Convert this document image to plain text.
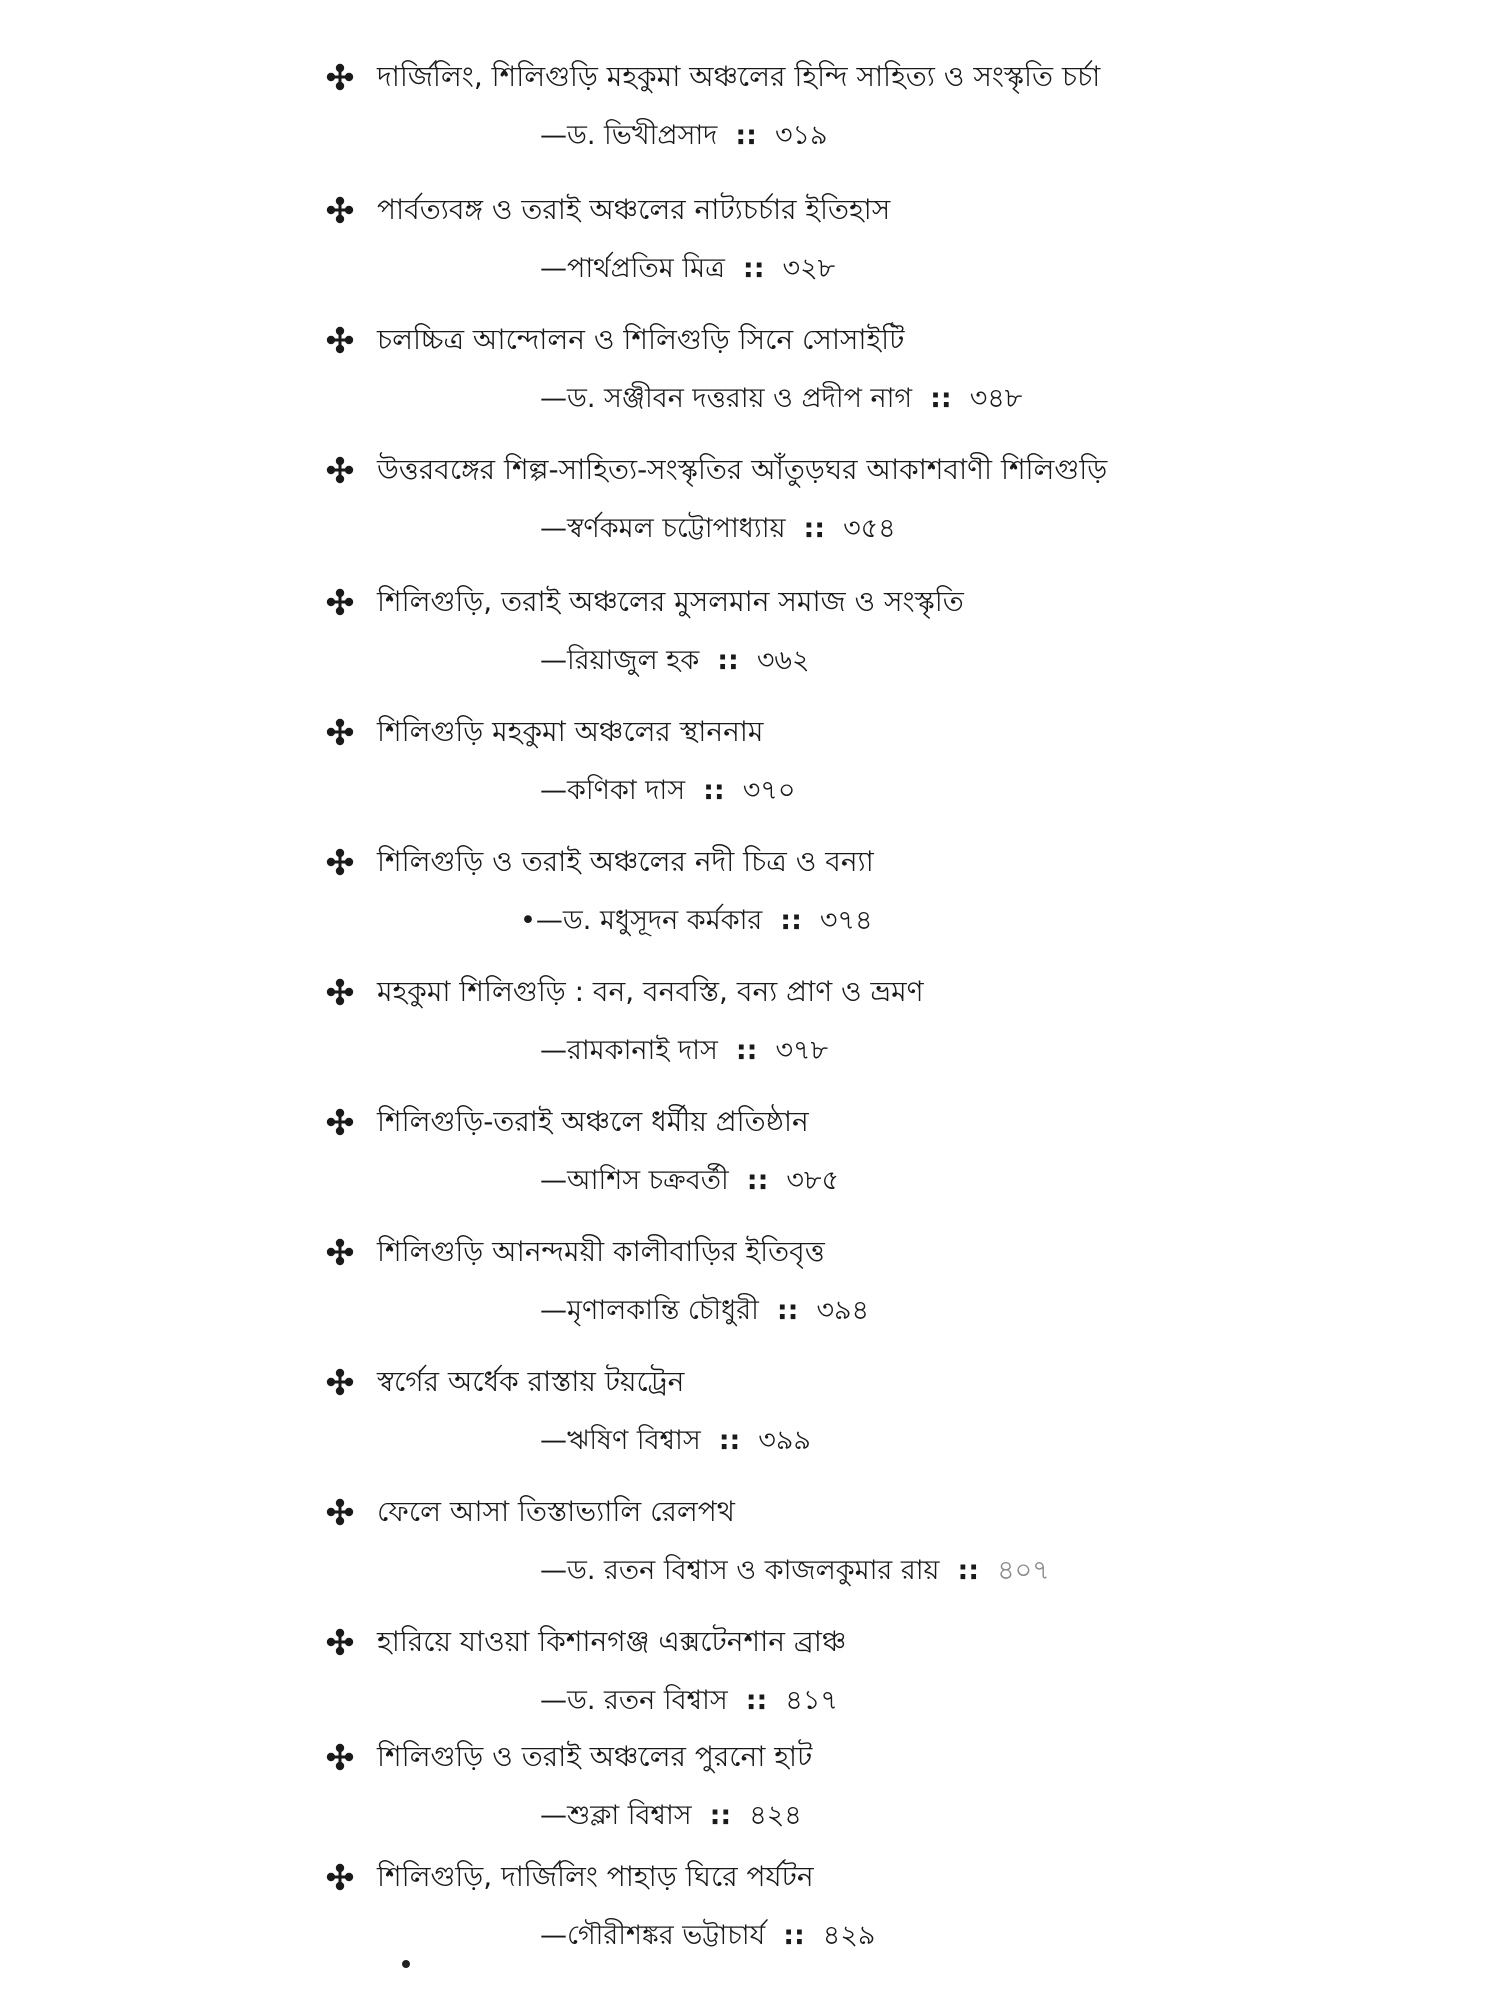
দার্জিলিং, শিলিগুড়ি মহকুমা অঞ্চলের হিন্দি সাহিত্য ও সংস্কৃতি চর্চা
—ড. ভিখীপ্রসাদ :: ৩১৯
পার্বত্যবঙ্গ ও তরাই অঞ্চলের নাট্যচর্চার ইতিহাস
—পার্থপ্রতিম মিত্র :: ৩২৮
চলচ্চিত্র আন্দোলন ও শিলিগুড়ি সিনে সোসাইটি
—ড. সঞ্জীবন দত্তরায় ও প্রদীপ নাগ :: ৩৪৮
উত্তরবঙ্গের শিল্প-সাহিত্য-সংস্কৃতির আঁতুড়ঘর আকাশবাণী শিলিগুড়ি
—স্বর্ণকমল চট্টোপাধ্যায় :: ৩৫৪
শিলিগুড়ি, তরাই অঞ্চলের মুসলমান সমাজ ও সংস্কৃতি
—রিয়াজুল হক :: ৩৬২
শিলিগুড়ি মহকুমা অঞ্চলের স্থাননাম
—কণিকা দাস :: ৩৭০
শিলিগুড়ি ও তরাই অঞ্চলের নদী চিত্র ও বন্যা
•—ড. মধুসূদন কর্মকার :: ৩৭৪
মহকুমা শিলিগুড়ি : বন, বনবস্তি, বন্য প্রাণ ও ভ্রমণ
—রামকানাই দাস :: ৩৭৮
শিলিগুড়ি-তরাই অঞ্চলে ধর্মীয় প্রতিষ্ঠান
—আশিস চক্রবর্তী :: ৩৮৫
শিলিগুড়ি আনন্দময়ী কালীবাড়ির ইতিবৃত্ত
—মৃণালকান্তি চৌধুরী :: ৩৯৪
স্বর্গের অর্ধেক রাস্তায় টয়ট্রেন
—ঋষিণ বিশ্বাস :: ৩৯৯
ফেলে আসা তিস্তাভ্যালি রেলপথ
—ড. রতন বিশ্বাস ও কাজলকুমার রায় :: ৪০৭
হারিয়ে যাওয়া কিশানগঞ্জ এক্সটেনশান ব্রাঞ্চ
—ড. রতন বিশ্বাস :: ৪১৭
শিলিগুড়ি ও তরাই অঞ্চলের পুরনো হাট
—শুক্লা বিশ্বাস :: ৪২৪
শিলিগুড়ি, দার্জিলিং পাহাড় ঘিরে পর্যটন
—গৌরীশঙ্কর ভট্টাচার্য :: ৪২৯
